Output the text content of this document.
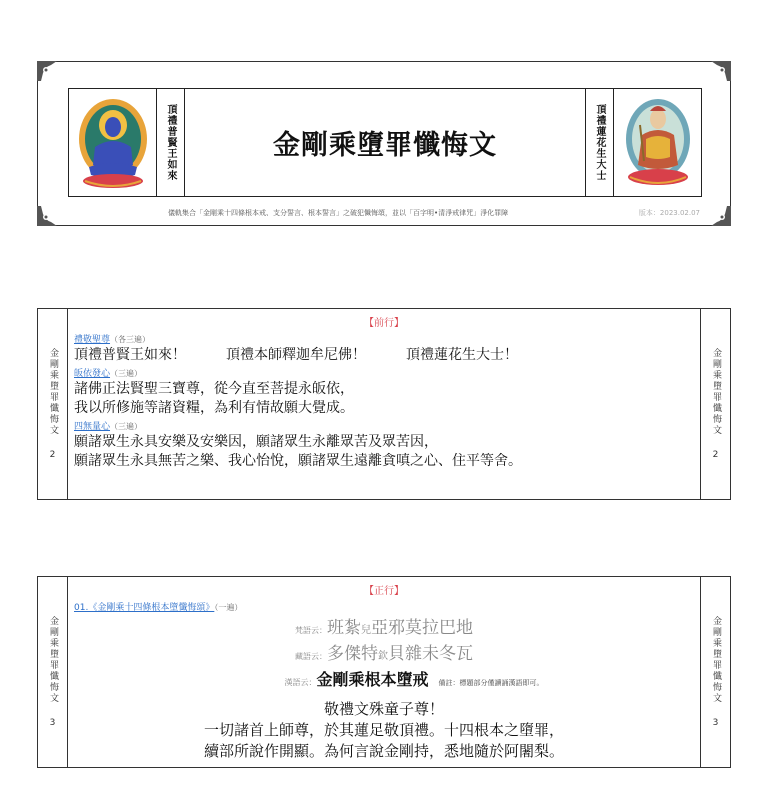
頂禮普賢王如來	金剛乘墮罪懺悔文	頂禮蓮花生大士
儀軌集合「金剛乘十四條根本戒、支分誓言、根本誓言」之破犯懺悔頌，並以「百字明•清淨戒律咒」淨化罪障	版本：2023.02.07
金剛乘墮罪懺悔文
2
金剛乘墮罪懺悔文
2
【前行】
禮敬聖尊（各三遍）
頂禮普賢王如來！	頂禮本師釋迦牟尼佛！	頂禮蓮花生大士！
皈依發心（三遍）
諸佛正法賢聖三寶尊，從今直至菩提永皈依，
我以所修施等諸資糧，為利有情故願大覺成。
四無量心（三遍）
願諸眾生永具安樂及安樂因，願諸眾生永離眾苦及眾苦因，
願諸眾生永具無苦之樂、我心怡悅，願諸眾生遠離貪嗔之心、住平等舍。
金剛乘墮罪懺悔文
3
金剛乘墮罪懺悔文
3
【正行】
01.《金剛乘十四條根本墮懺悔頌》（一遍）
梵語云：班紮兒亞邪莫拉巴地
藏語云：多傑特欽貝雜未冬瓦
漢語云：金剛乘根本墮戒 備註：標題部分僅讀誦漢語即可。
敬禮文殊童子尊！
一切諸首上師尊，於其蓮足敬頂禮。十四根本之墮罪，
續部所說作開顯。為何言說金剛持，悉地隨於阿闍梨。
